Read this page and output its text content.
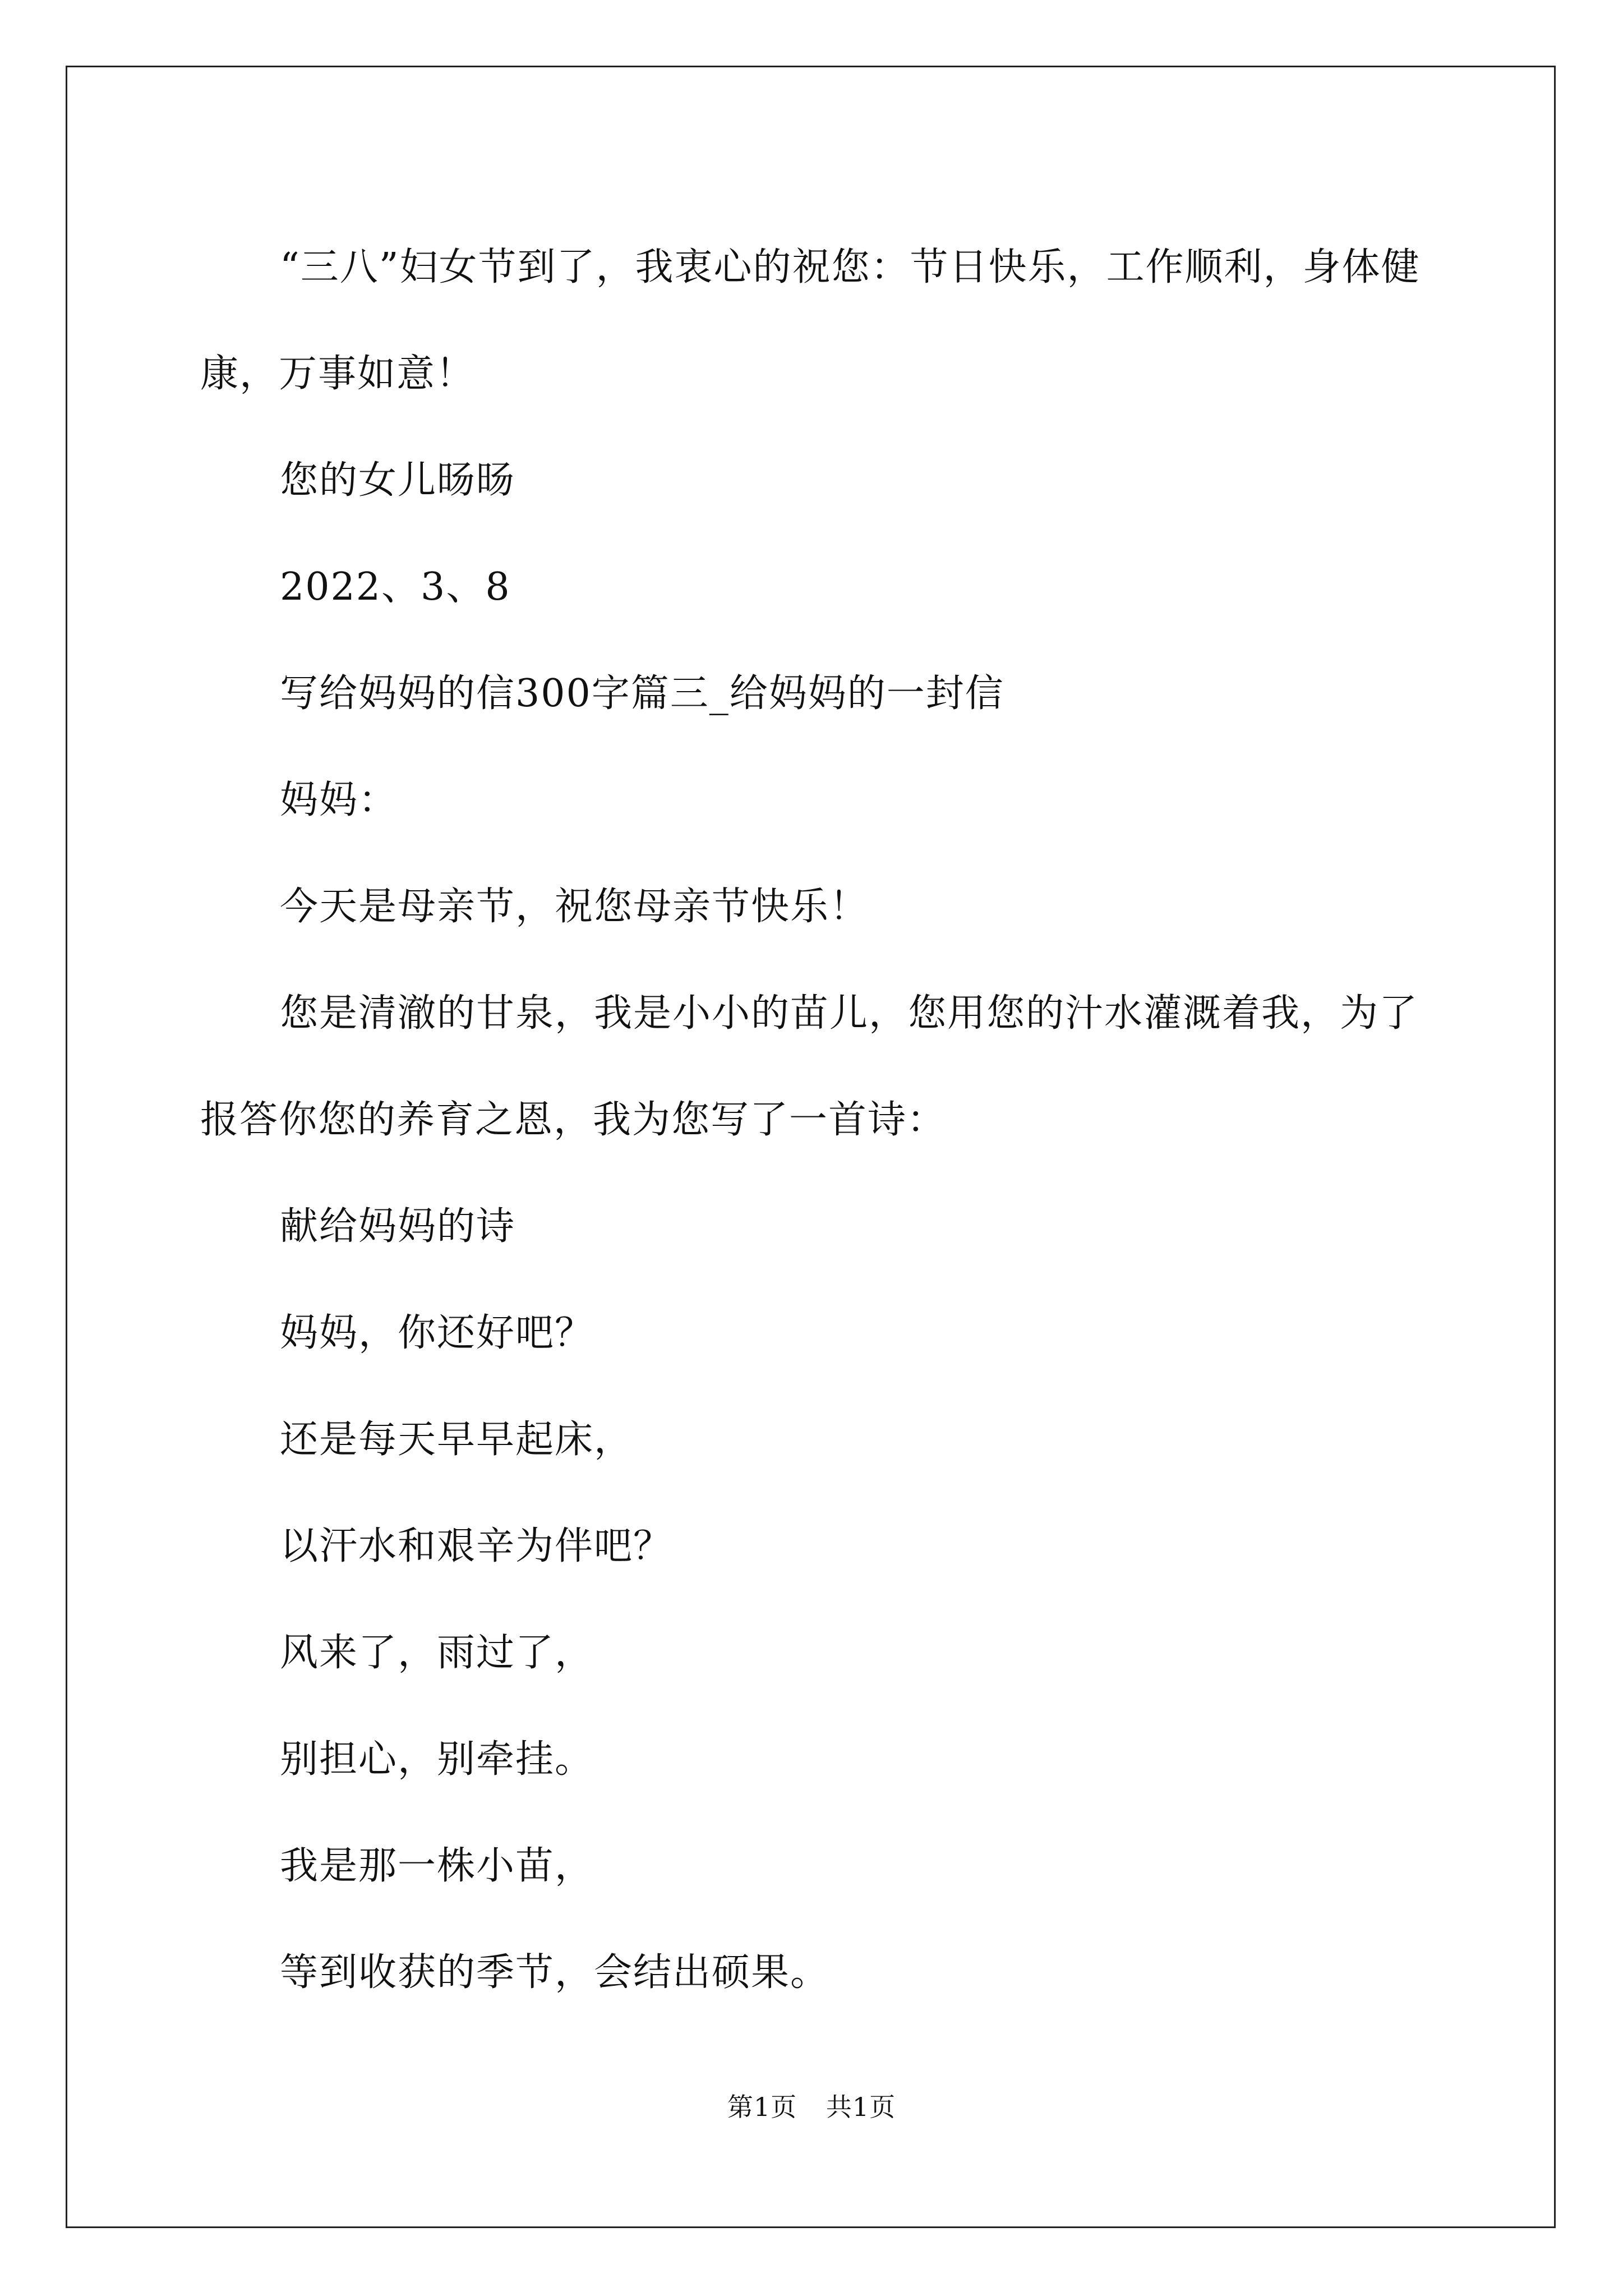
“三八”妇女节到了，我衷心的祝您：节日快乐，工作顺利，身体健康，万事如意！

您的女儿旸旸

2022、3、8

写给妈妈的信300字篇三_给妈妈的一封信

妈妈：

今天是母亲节，祝您母亲节快乐！

您是清澈的甘泉，我是小小的苗儿，您用您的汁水灌溉着我，为了报答你您的养育之恩，我为您写了一首诗：

献给妈妈的诗

妈妈，你还好吧？

还是每天早早起床，

以汗水和艰辛为伴吧？

风来了，雨过了，

别担心，别牵挂。

我是那一株小苗，

等到收获的季节，会结出硕果。

第1页 共1页
